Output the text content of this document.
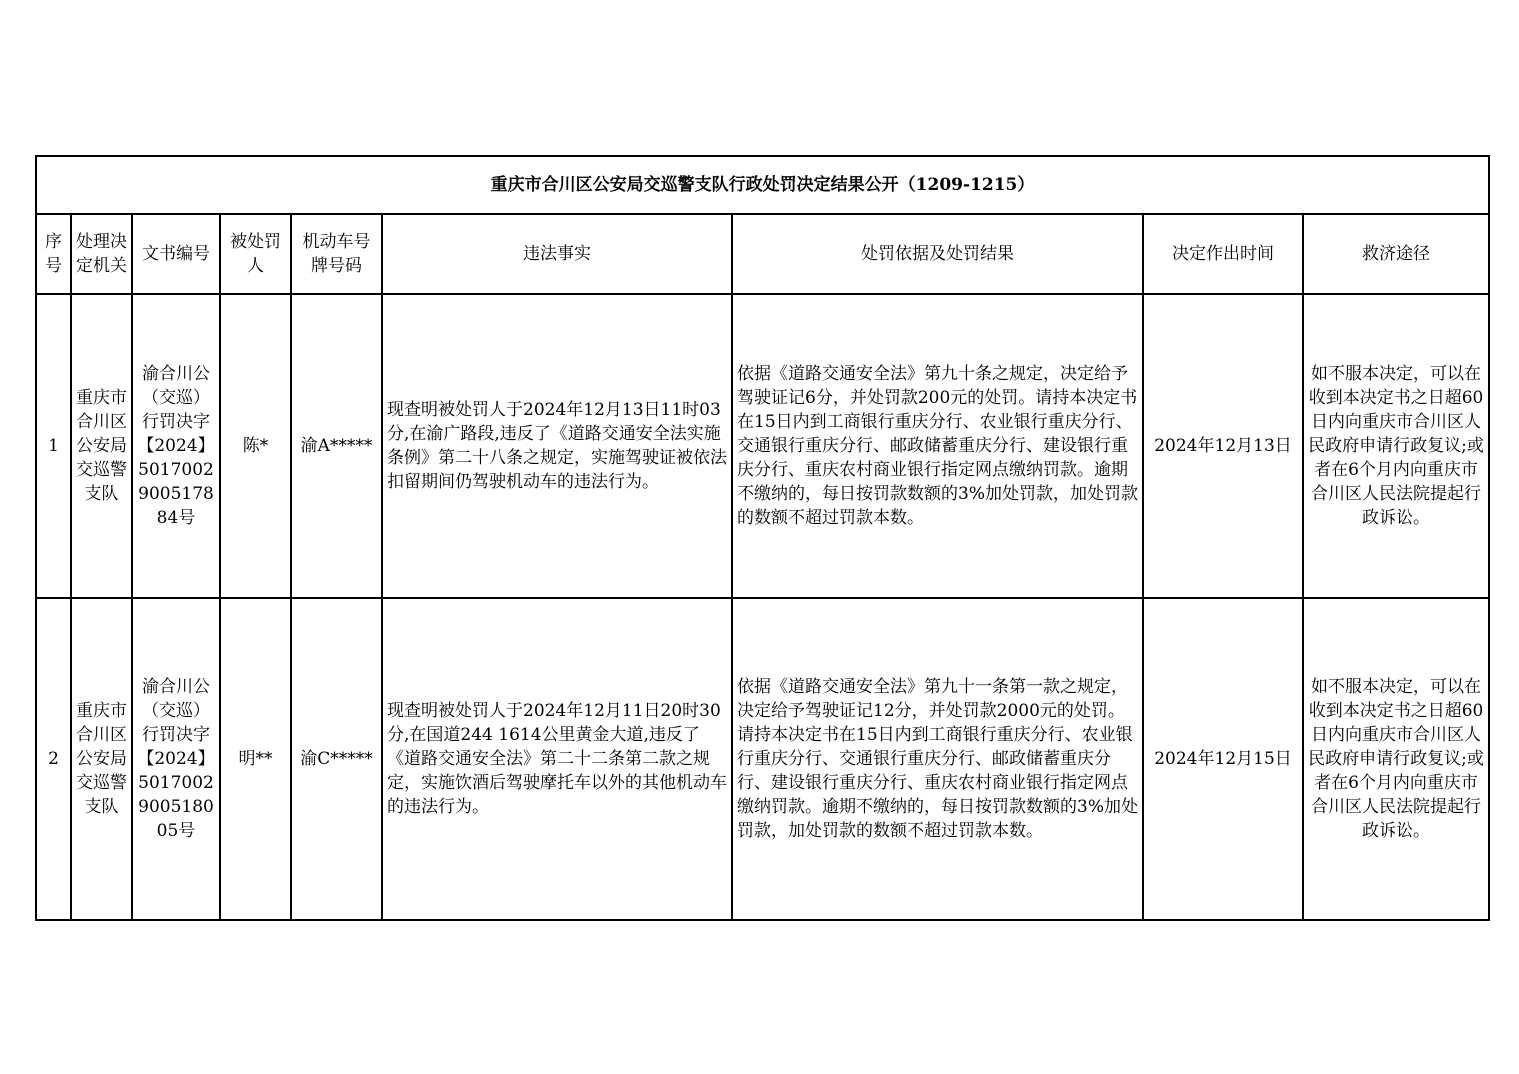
重庆市合川区公安局交巡警支队行政处罚决定结果公开（1209-1215）								
序号	处理决定机关	文书编号	被处罚人	机动车号牌号码	违法事实	处罚依据及处罚结果	决定作出时间	救济途径
1	重庆市合川区公安局交巡警支队	渝合川公（交巡）行罚决字【2024】5017002900517884号	陈*	渝A*****	现查明被处罚人于2024年12月13日11时03分,在渝广路段,违反了《道路交通安全法实施条例》第二十八条之规定，实施驾驶证被依法扣留期间仍驾驶机动车的违法行为。	依据《道路交通安全法》第九十条之规定，决定给予驾驶证记6分，并处罚款200元的处罚。请持本决定书在15日内到工商银行重庆分行、农业银行重庆分行、交通银行重庆分行、邮政储蓄重庆分行、建设银行重庆分行、重庆农村商业银行指定网点缴纳罚款。逾期不缴纳的，每日按罚款数额的3%加处罚款，加处罚款的数额不超过罚款本数。	2024年12月13日	如不服本决定，可以在收到本决定书之日超60日内向重庆市合川区人民政府申请行政复议;或者在6个月内向重庆市合川区人民法院提起行政诉讼。
2	重庆市合川区公安局交巡警支队	渝合川公（交巡）行罚决字【2024】5017002900518005号	明**	渝C*****	现查明被处罚人于2024年12月11日20时30分,在国道244 1614公里黄金大道,违反了《道路交通安全法》第二十二条第二款之规定，实施饮酒后驾驶摩托车以外的其他机动车的违法行为。	依据《道路交通安全法》第九十一条第一款之规定，决定给予驾驶证记12分，并处罚款2000元的处罚。请持本决定书在15日内到工商银行重庆分行、农业银行重庆分行、交通银行重庆分行、邮政储蓄重庆分行、建设银行重庆分行、重庆农村商业银行指定网点缴纳罚款。逾期不缴纳的，每日按罚款数额的3%加处罚款，加处罚款的数额不超过罚款本数。	2024年12月15日	如不服本决定，可以在收到本决定书之日超60日内向重庆市合川区人民政府申请行政复议;或者在6个月内向重庆市合川区人民法院提起行政诉讼。
